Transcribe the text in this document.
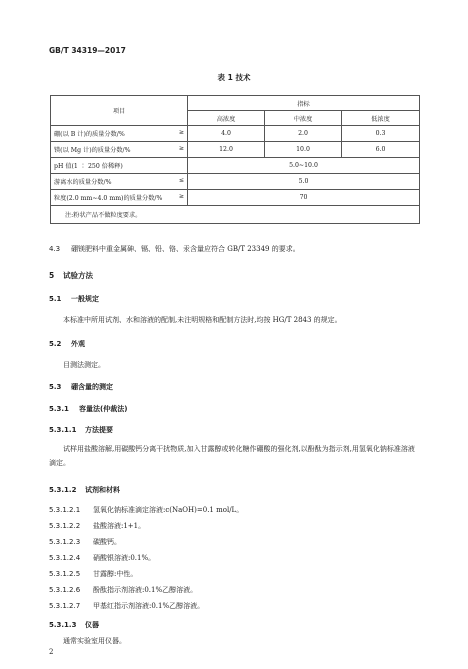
GB/T 34319—2017
表 1 技术
项目	指标		
	高浓度	中浓度	低浓度
硼(以 B 计)的质量分数/% ≥	4.0	2.0	0.3
镁(以 Mg 计)的质量分数/% ≥	12.0	10.0	6.0
pH 值(1 ∶ 250 倍稀释)	5.0~10.0		
游离水的质量分数/% ≤	5.0		
粒度(2.0 mm~4.0 mm)的质量分数/% ≥	70		
注:粉状产品不做粒度要求。			
4.3 硼镁肥料中重金属砷、镉、铅、铬、汞含量应符合 GB/T 23349 的要求。
5 试验方法
5.1 一般规定
本标准中所用试剂、水和溶液的配制,未注明规格和配制方法时,均按 HG/T 2843 的规定。
5.2 外观
目测法测定。
5.3 硼含量的测定
5.3.1 容量法(仲裁法)
5.3.1.1 方法提要
试样用盐酸溶解,用碳酸钙分离干扰物质,加入甘露醇或转化糖作硼酸的强化剂,以酚酞为指示剂,用氢氧化钠标准溶液滴定。
5.3.1.2 试剂和材料
5.3.1.2.1 氢氧化钠标准滴定溶液:c(NaOH)=0.1 mol/L。
5.3.1.2.2 盐酸溶液:1+1。
5.3.1.2.3 碳酸钙。
5.3.1.2.4 硝酸银溶液:0.1%。
5.3.1.2.5 甘露醇:中性。
5.3.1.2.6 酚酞指示剂溶液:0.1%乙醇溶液。
5.3.1.2.7 甲基红指示剂溶液:0.1%乙醇溶液。
5.3.1.3 仪器
通常实验室用仪器。
2
